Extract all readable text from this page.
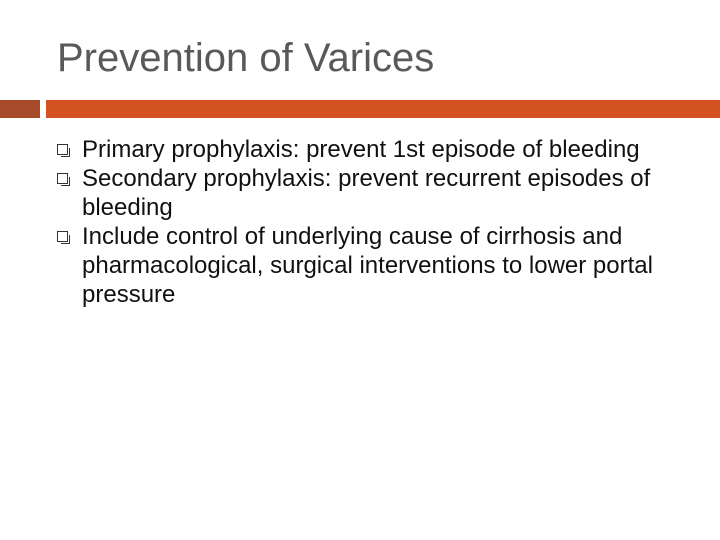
Prevention of Varices
Primary prophylaxis: prevent 1st episode of bleeding
Secondary prophylaxis: prevent recurrent episodes of bleeding
Include control of underlying cause of cirrhosis and pharmacological, surgical interventions to lower portal pressure
